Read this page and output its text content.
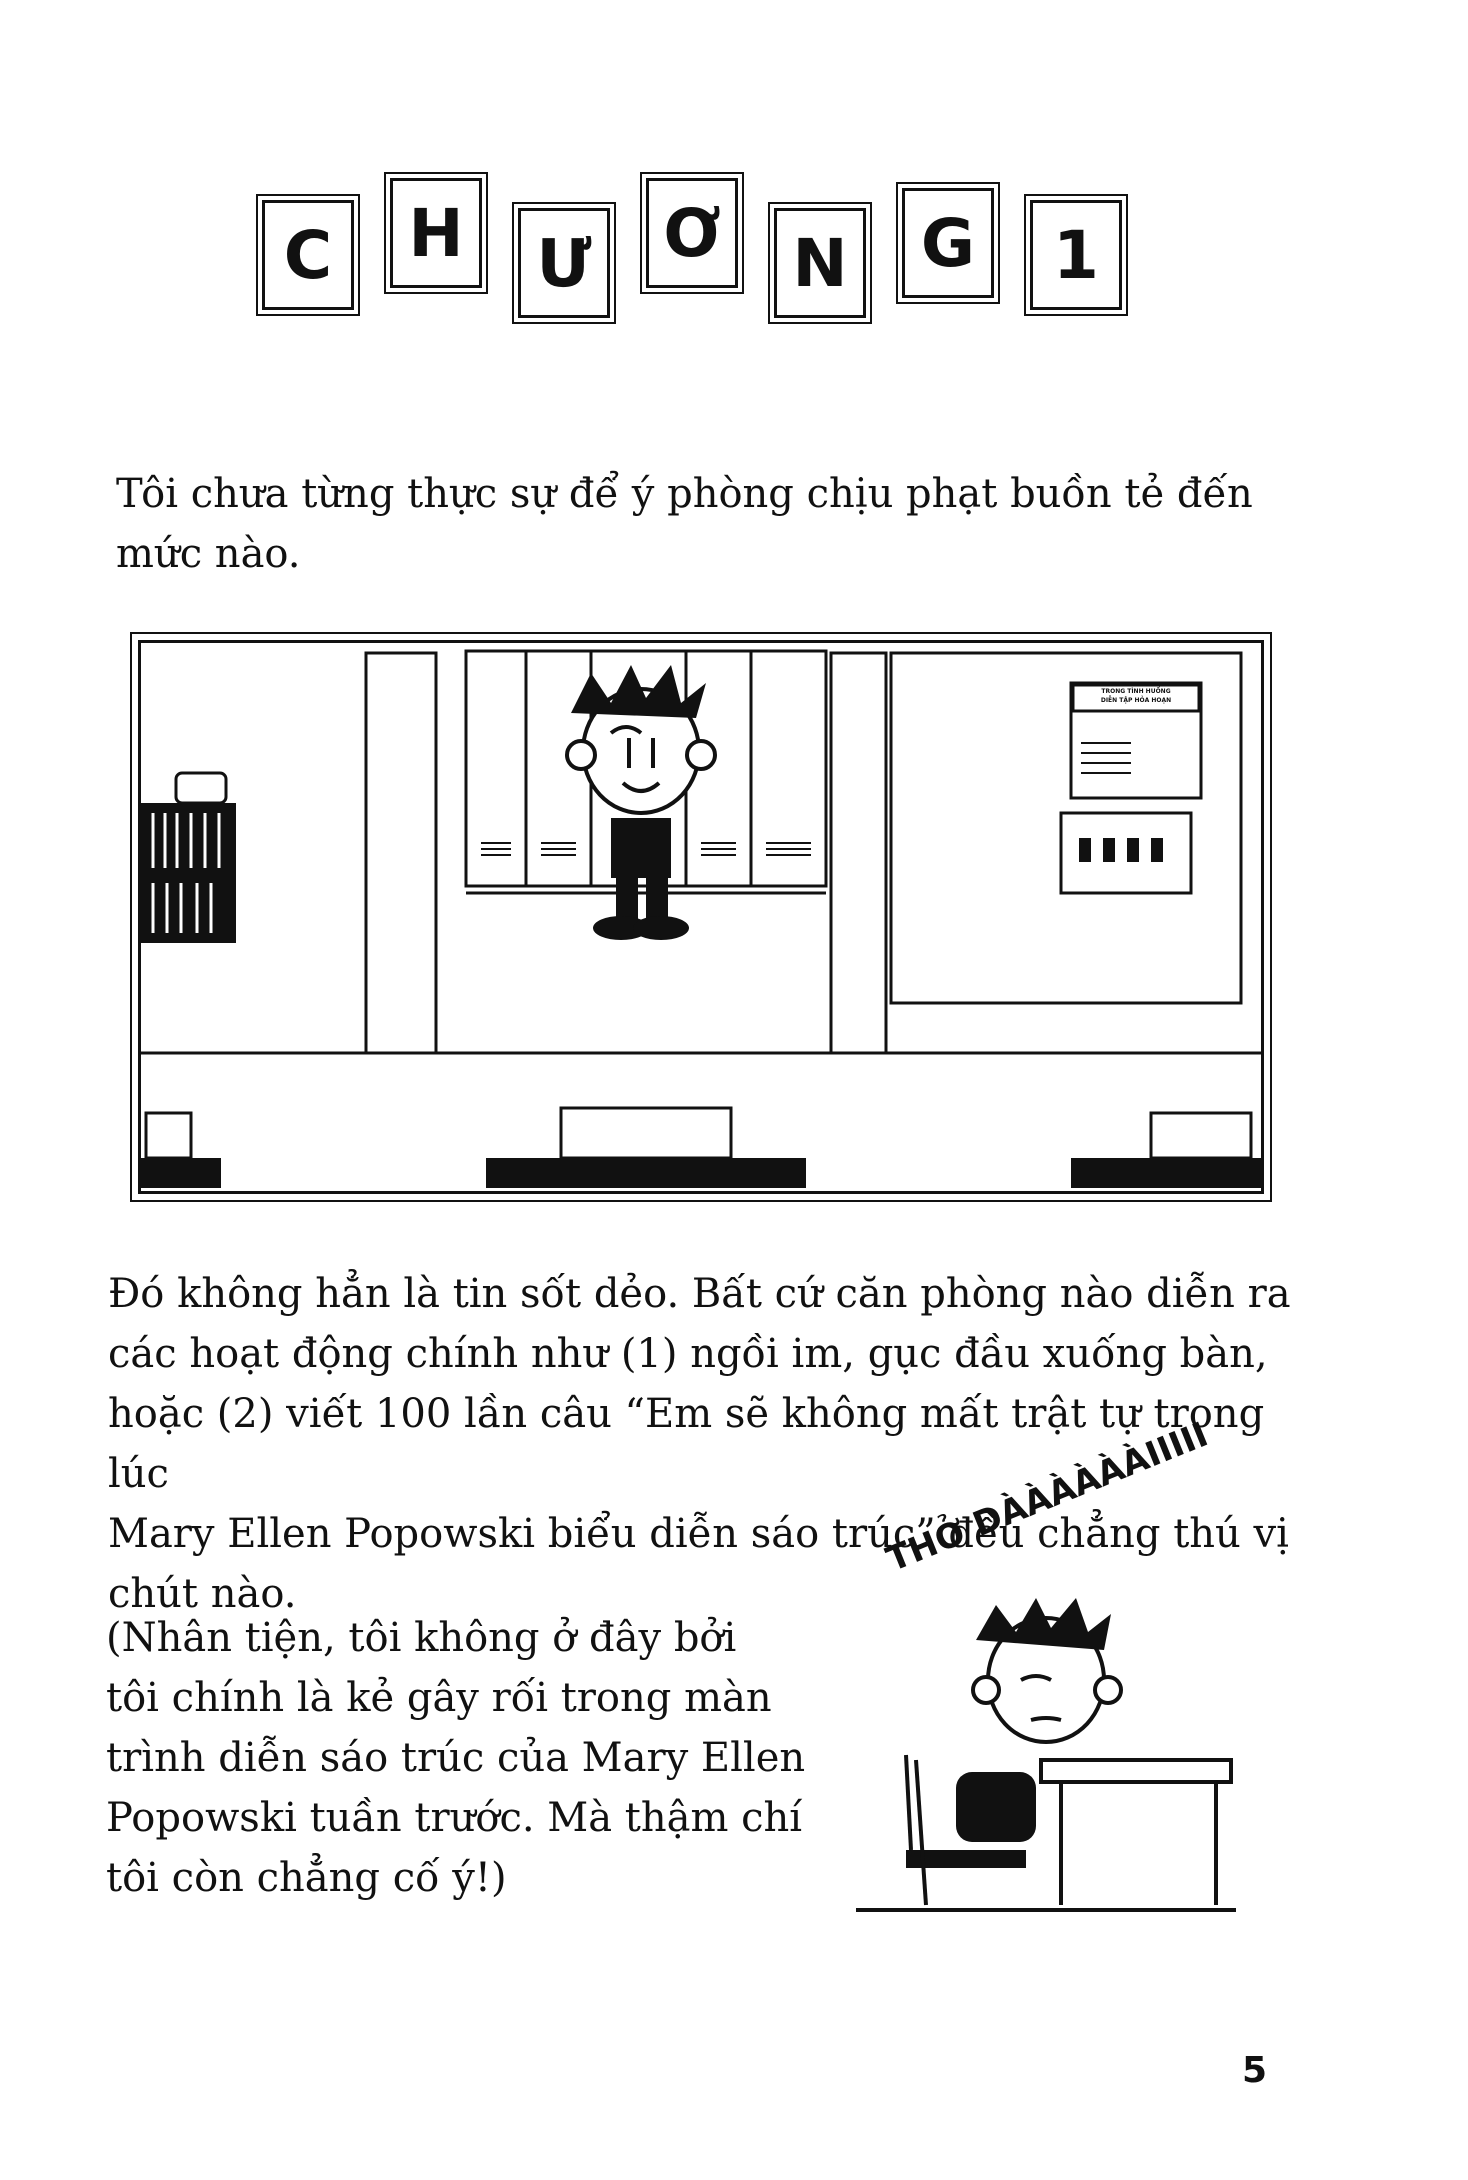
C	H Ư Ơ N G	1

Tôi chưa từng thực sự để ý phòng chịu phạt buồn tẻ đến
mức nào.

TRONG TÌNH HUỐNG
DIỄN TẬP HỎA HOẠN

Đó không hẳn là tin sốt dẻo. Bất cứ căn phòng nào diễn ra
các hoạt động chính như (1) ngồi im, gục đầu xuống bàn,
hoặc (2) viết 100 lần câu “Em sẽ không mất trật tự trong lúc
Mary Ellen Popowski biểu diễn sáo trúc” đều chẳng thú vị
chút nào.

(Nhân tiện, tôi không ở đây bởi
tôi chính là kẻ gây rối trong màn
trình diễn sáo trúc của Mary Ellen
Popowski tuần trước. Mà thậm chí
tôi còn chẳng cố ý!)

THỞ DÀÀÀÀÀÀIIIII
5
